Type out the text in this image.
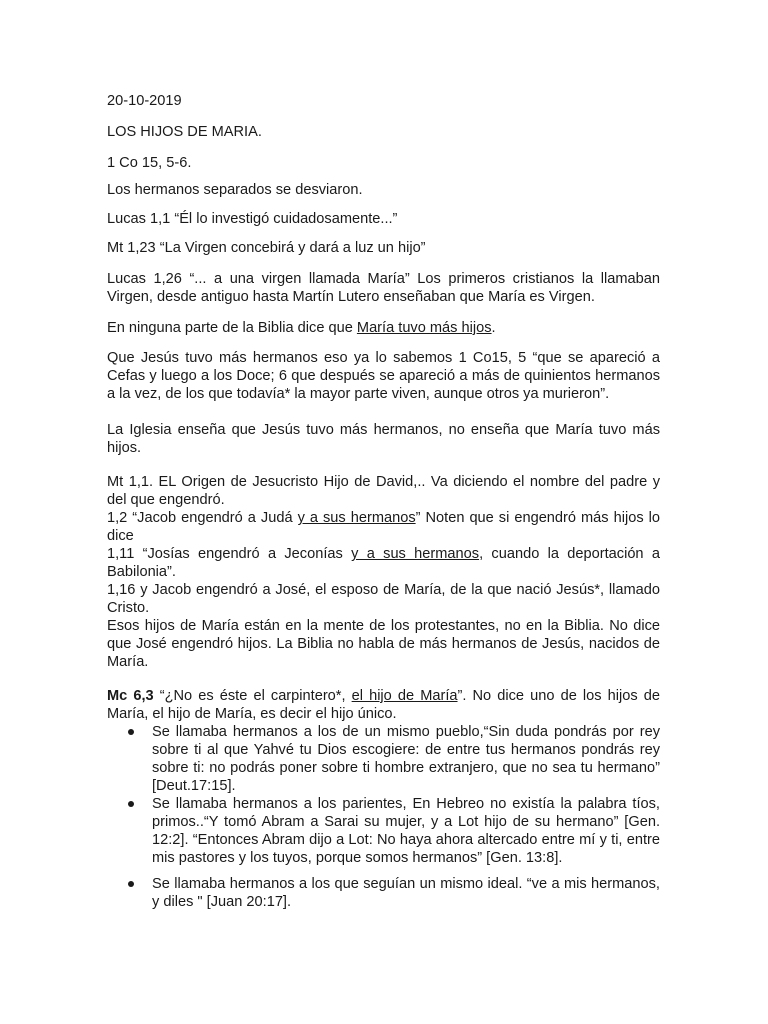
20-10-2019

LOS HIJOS DE MARIA.

1 Co 15, 5-6.

Los hermanos separados se desviaron.

Lucas 1,1 “Él lo investigó cuidadosamente...”

Mt 1,23 “La Virgen concebirá y dará a luz un hijo”

Lucas 1,26 “... a una virgen llamada María” Los primeros cristianos la llamaban Virgen, desde antiguo hasta Martín Lutero enseñaban que María es Virgen.

En ninguna parte de la Biblia dice que María tuvo más hijos.

Que Jesús tuvo más hermanos eso ya lo sabemos 1 Co15, 5 “que se apareció a Cefas y luego a los Doce; 6 que después se apareció a más de quinientos hermanos a la vez, de los que todavía* la mayor parte viven, aunque otros ya murieron”.

La Iglesia enseña que Jesús tuvo más hermanos, no enseña que María tuvo más hijos.

Mt 1,1. EL Origen de Jesucristo Hijo de David,.. Va diciendo el nombre del padre y del que engendró.

1,2 “Jacob engendró a Judá y a sus hermanos” Noten que si engendró más hijos lo dice

1,11 “Josías engendró a Jeconías y a sus hermanos, cuando la deportación a Babilonia”.

1,16 y Jacob engendró a José, el esposo de María, de la que nació Jesús*, llamado Cristo.

Esos hijos de María están en la mente de los protestantes, no en la Biblia. No dice que José engendró hijos. La Biblia no habla de más hermanos de Jesús, nacidos de María.

Mc 6,3 “¿No es éste el carpintero*, el hijo de María”. No dice uno de los hijos de María, el hijo de María, es decir el hijo único.

Se llamaba hermanos a los de un mismo pueblo,“Sin duda pondrás por rey sobre ti al que Yahvé tu Dios escogiere: de entre tus hermanos pondrás rey sobre ti: no podrás poner sobre ti hombre extranjero, que no sea tu hermano” [Deut.17:15].

Se llamaba hermanos a los parientes, En Hebreo no existía la palabra tíos, primos..“Y tomó Abram a Sarai su mujer, y a Lot hijo de su hermano” [Gen. 12:2]. “Entonces Abram dijo a Lot: No haya ahora altercado entre mí y ti, entre mis pastores y los tuyos, porque somos hermanos” [Gen. 13:8].

Se llamaba hermanos a los que seguían un mismo ideal. “ve a mis hermanos, y diles " [Juan 20:17].
